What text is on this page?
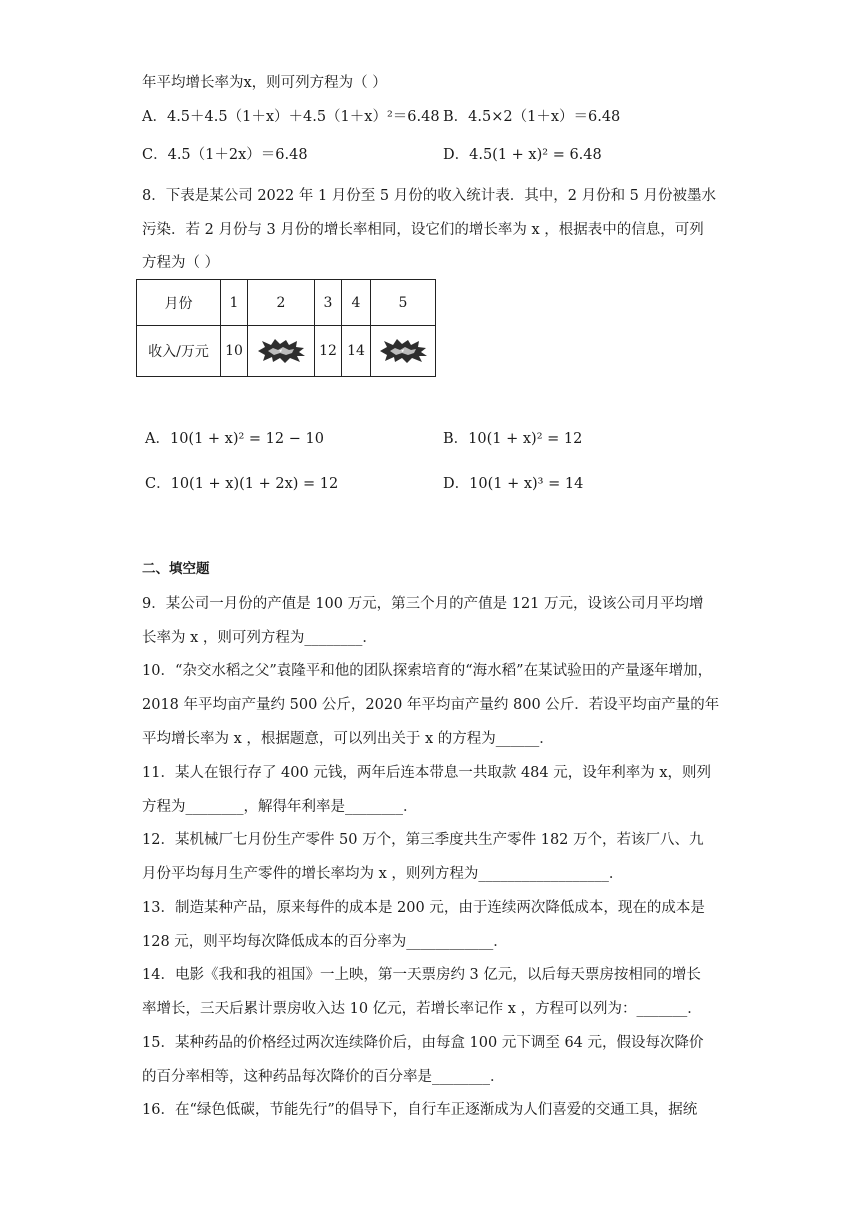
年平均增长率为x，则可列方程为（ ）
A．4.5＋4.5（1＋x）＋4.5（1＋x）²＝6.48 B．4.5×2（1＋x）＝6.48
C．4.5（1＋2x）＝6.48	D．4.5(1 + x)² = 6.48
8．下表是某公司 2022 年 1 月份至 5 月份的收入统计表．其中，2 月份和 5 月份被墨水
污染．若 2 月份与 3 月份的增长率相同，设它们的增长率为 x ，根据表中的信息，可列
方程为（ ）
月份	1	2	3	4	5
收入/万元	10		12	14	
A．10(1 + x)² = 12 − 10	B．10(1 + x)² = 12
C．10(1 + x)(1 + 2x) = 12	D．10(1 + x)³ = 14
二、填空题
9．某公司一月份的产值是 100 万元，第三个月的产值是 121 万元，设该公司月平均增
长率为 x ，则可列方程为________．
10．“杂交水稻之父”袁隆平和他的团队探索培育的“海水稻”在某试验田的产量逐年增加，
2018 年平均亩产量约 500 公斤，2020 年平均亩产量约 800 公斤．若设平均亩产量的年
平均增长率为 x ，根据题意，可以列出关于 x 的方程为______．
11．某人在银行存了 400 元钱，两年后连本带息一共取款 484 元，设年利率为 x，则列
方程为________，解得年利率是________．
12．某机械厂七月份生产零件 50 万个，第三季度共生产零件 182 万个，若该厂八、九
月份平均每月生产零件的增长率均为 x ，则列方程为__________________．
13．制造某种产品，原来每件的成本是 200 元，由于连续两次降低成本，现在的成本是
128 元，则平均每次降低成本的百分率为____________．
14．电影《我和我的祖国》一上映，第一天票房约 3 亿元，以后每天票房按相同的增长
率增长，三天后累计票房收入达 10 亿元，若增长率记作 x ，方程可以列为：_______．
15．某种药品的价格经过两次连续降价后，由每盒 100 元下调至 64 元，假设每次降价
的百分率相等，这种药品每次降价的百分率是________．
16．在“绿色低碳，节能先行”的倡导下，自行车正逐渐成为人们喜爱的交通工具，据统
